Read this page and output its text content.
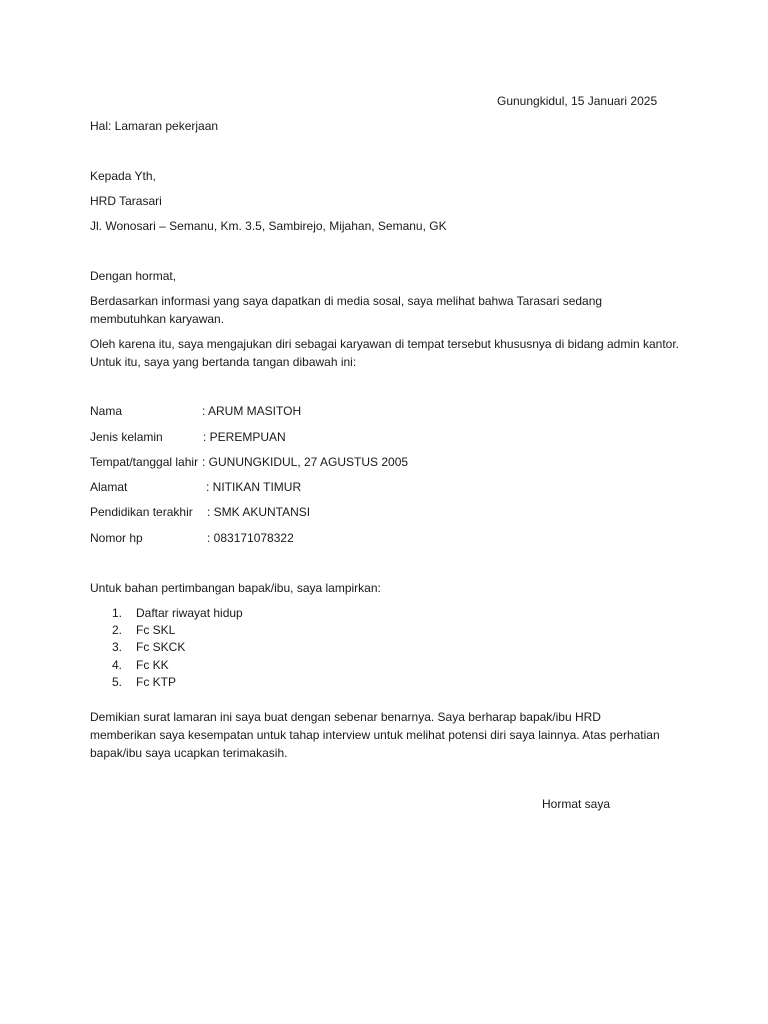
Gunungkidul, 15 Januari 2025
Hal: Lamaran pekerjaan
Kepada Yth,
HRD Tarasari
Jl. Wonosari – Semanu, Km. 3.5, Sambirejo, Mijahan, Semanu, GK
Dengan hormat,
Berdasarkan informasi yang saya dapatkan di media sosal, saya melihat bahwa Tarasari sedang membutuhkan karyawan.
Oleh karena itu, saya mengajukan diri sebagai karyawan di tempat tersebut khususnya di bidang admin kantor. Untuk itu, saya yang bertanda tangan dibawah ini:
Nama	: ARUM MASITOH
Jenis kelamin	: PEREMPUAN
Tempat/tanggal lahir : GUNUNGKIDUL, 27 AGUSTUS 2005
Alamat	: NITIKAN TIMUR
Pendidikan terakhir : SMK AKUNTANSI
Nomor hp	: 083171078322
Untuk bahan pertimbangan bapak/ibu, saya lampirkan:
1. Daftar riwayat hidup
2. Fc SKL
3. Fc SKCK
4. Fc KK
5. Fc KTP
Demikian surat lamaran ini saya buat dengan sebenar benarnya. Saya berharap bapak/ibu HRD memberikan saya kesempatan untuk tahap interview untuk melihat potensi diri saya lainnya. Atas perhatian bapak/ibu saya ucapkan terimakasih.
Hormat saya
